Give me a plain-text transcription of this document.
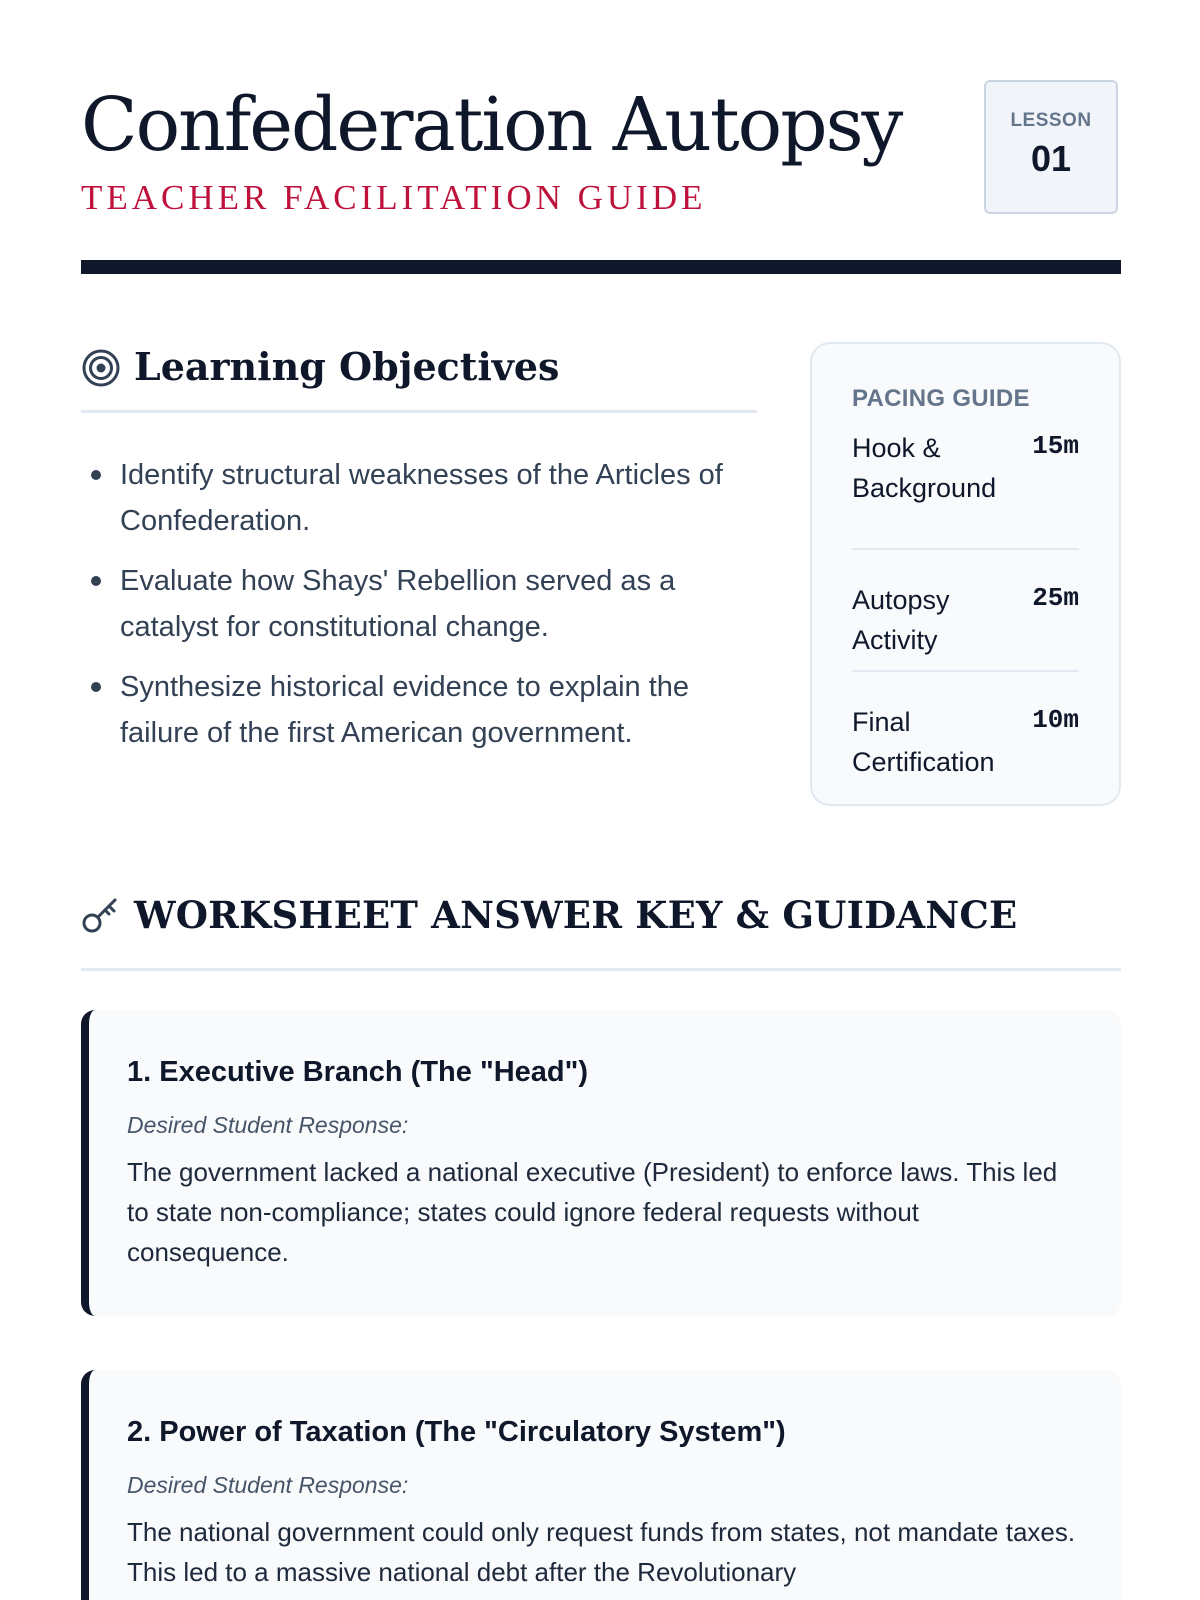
Confederation Autopsy
TEACHER FACILITATION GUIDE
LESSON
01
Learning Objectives
Identify structural weaknesses of the Articles of Confederation.
Evaluate how Shays' Rebellion served as a catalyst for constitutional change.
Synthesize historical evidence to explain the failure of the first American government.
PACING GUIDE
Hook & Background
15m
Autopsy Activity
25m
Final Certification
10m
WORKSHEET ANSWER KEY & GUIDANCE
1. Executive Branch (The "Head")
Desired Student Response:
The government lacked a national executive (President) to enforce laws. This led to state non-compliance; states could ignore federal requests without consequence.
2. Power of Taxation (The "Circulatory System")
Desired Student Response:
The national government could only request funds from states, not mandate taxes. This led to a massive national debt after the Revolutionary
